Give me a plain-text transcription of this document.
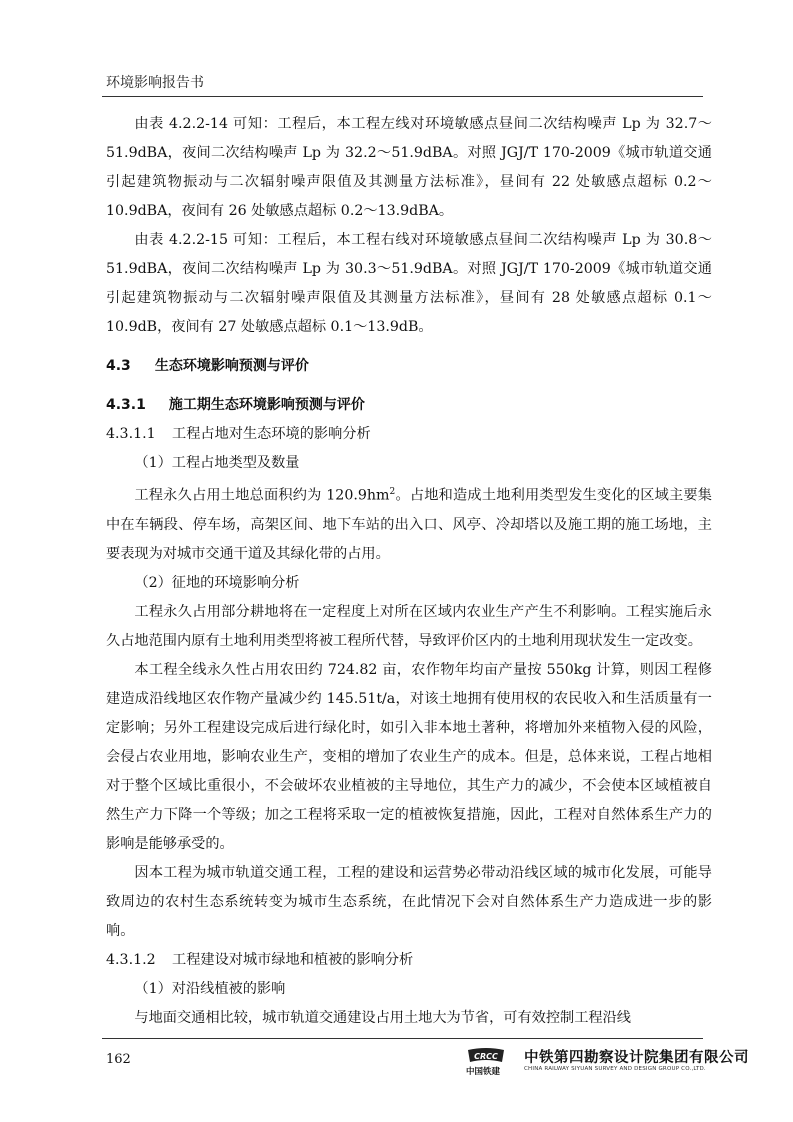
环境影响报告书

由表 4.2.2-14 可知：工程后，本工程左线对环境敏感点昼间二次结构噪声 Lp 为 32.7～51.9dBA，夜间二次结构噪声 Lp 为 32.2～51.9dBA。对照 JGJ/T 170-2009《城市轨道交通引起建筑物振动与二次辐射噪声限值及其测量方法标准》，昼间有 22 处敏感点超标 0.2～10.9dBA，夜间有 26 处敏感点超标 0.2～13.9dBA。

由表 4.2.2-15 可知：工程后，本工程右线对环境敏感点昼间二次结构噪声 Lp 为 30.8～51.9dBA，夜间二次结构噪声 Lp 为 30.3～51.9dBA。对照 JGJ/T 170-2009《城市轨道交通引起建筑物振动与二次辐射噪声限值及其测量方法标准》，昼间有 28 处敏感点超标 0.1～10.9dB，夜间有 27 处敏感点超标 0.1～13.9dB。

4.3 生态环境影响预测与评价
4.3.1 施工期生态环境影响预测与评价

4.3.1.1 工程占地对生态环境的影响分析

（1）工程占地类型及数量

工程永久占用土地总面积约为 $120.9hm^2$。占地和造成土地利用类型发生变化的区域主要集中在车辆段、停车场，高架区间、地下车站的出入口、风亭、冷却塔以及施工期的施工场地，主要表现为对城市交通干道及其绿化带的占用。

（2）征地的环境影响分析

工程永久占用部分耕地将在一定程度上对所在区域内农业生产产生不利影响。工程实施后永久占地范围内原有土地利用类型将被工程所代替，导致评价区内的土地利用现状发生一定改变。

本工程全线永久性占用农田约 724.82 亩，农作物年均亩产量按 550kg 计算，则因工程修建造成沿线地区农作物产量减少约 145.51t/a，对该土地拥有使用权的农民收入和生活质量有一定影响；另外工程建设完成后进行绿化时，如引入非本地土著种，将增加外来植物入侵的风险，会侵占农业用地，影响农业生产，变相的增加了农业生产的成本。但是，总体来说，工程占地相对于整个区域比重很小，不会破坏农业植被的主导地位，其生产力的减少，不会使本区域植被自然生产力下降一个等级；加之工程将采取一定的植被恢复措施，因此，工程对自然体系生产力的影响是能够承受的。

因本工程为城市轨道交通工程，工程的建设和运营势必带动沿线区域的城市化发展，可能导致周边的农村生态系统转变为城市生态系统，在此情况下会对自然体系生产力造成进一步的影响。

4.3.1.2 工程建设对城市绿地和植被的影响分析

（1）对沿线植被的影响

与地面交通相比较，城市轨道交通建设占用土地大为节省，可有效控制工程沿线

162	CRCC
中国铁建
中铁第四勘察设计院集团有限公司
CHINA RAILWAY SIYUAN SURVEY AND DESIGN GROUP CO.,LTD.
